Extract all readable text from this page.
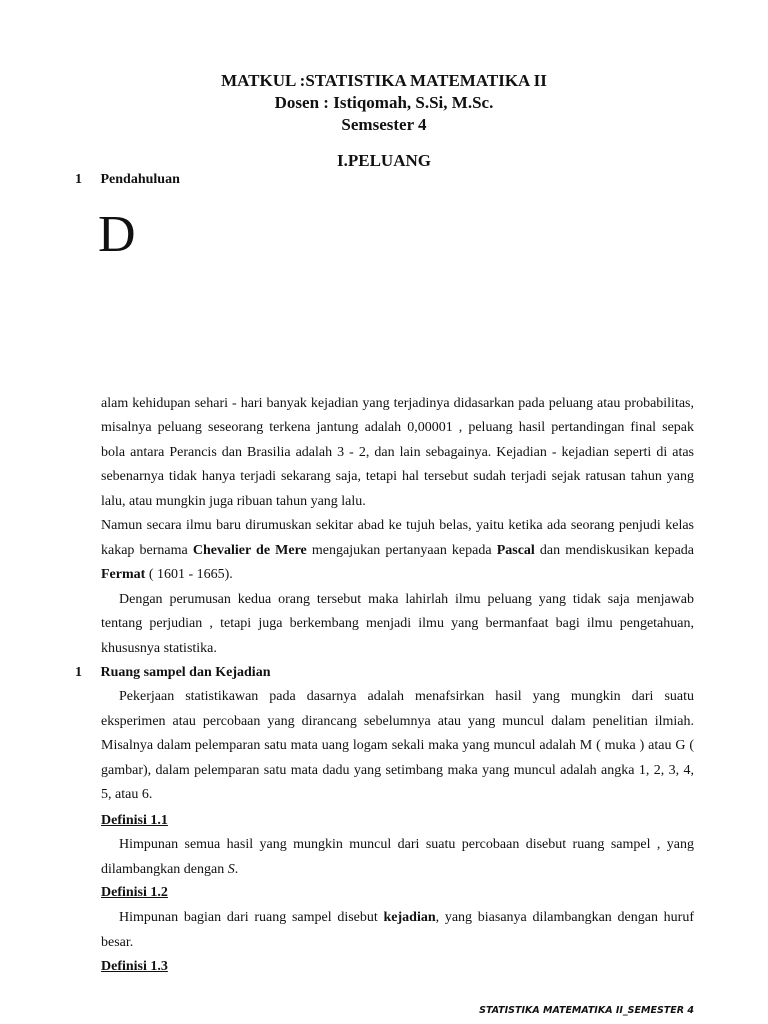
MATKUL :STATISTIKA MATEMATIKA II
Dosen : Istiqomah, S.Si, M.Sc.
Semsester 4
I.PELUANG
1 Pendahuluan
D
alam kehidupan sehari - hari banyak kejadian yang terjadinya didasarkan pada peluang atau probabilitas,
misalnya peluang seseorang terkena jantung adalah 0,00001 , peluang hasil pertandingan final sepak
bola antara Perancis dan Brasilia adalah 3 - 2, dan lain sebagainya. Kejadian - kejadian seperti di atas
sebenarnya tidak hanya terjadi sekarang saja, tetapi hal tersebut sudah terjadi sejak ratusan tahun yang
lalu, atau mungkin juga ribuan tahun yang lalu.
Namun secara ilmu baru dirumuskan sekitar abad ke tujuh belas, yaitu ketika ada seorang penjudi kelas
kakap bernama Chevalier de Mere mengajukan pertanyaan kepada Pascal dan mendiskusikan kepada
Fermat ( 1601 - 1665).
Dengan perumusan kedua orang tersebut maka lahirlah ilmu peluang yang tidak saja menjawab
tentang perjudian , tetapi juga berkembang menjadi ilmu yang bermanfaat bagi ilmu pengetahuan,
khususnya statistika.
1 Ruang sampel dan Kejadian
Pekerjaan statistikawan pada dasarnya adalah menafsirkan hasil yang mungkin dari suatu
eksperimen atau percobaan yang dirancang sebelumnya atau yang muncul dalam penelitian ilmiah.
Misalnya dalam pelemparan satu mata uang logam sekali maka yang muncul adalah M ( muka ) atau G (
gambar), dalam pelemparan satu mata dadu yang setimbang maka yang muncul adalah angka 1, 2, 3, 4,
5, atau 6.
Definisi 1.1
Himpunan semua hasil yang mungkin muncul dari suatu percobaan disebut ruang sampel , yang
dilambangkan dengan S.
Definisi 1.2
Himpunan bagian dari ruang sampel disebut kejadian, yang biasanya dilambangkan dengan huruf
besar.
Definisi 1.3
STATISTIKA MATEMATIKA II_SEMESTER 4
